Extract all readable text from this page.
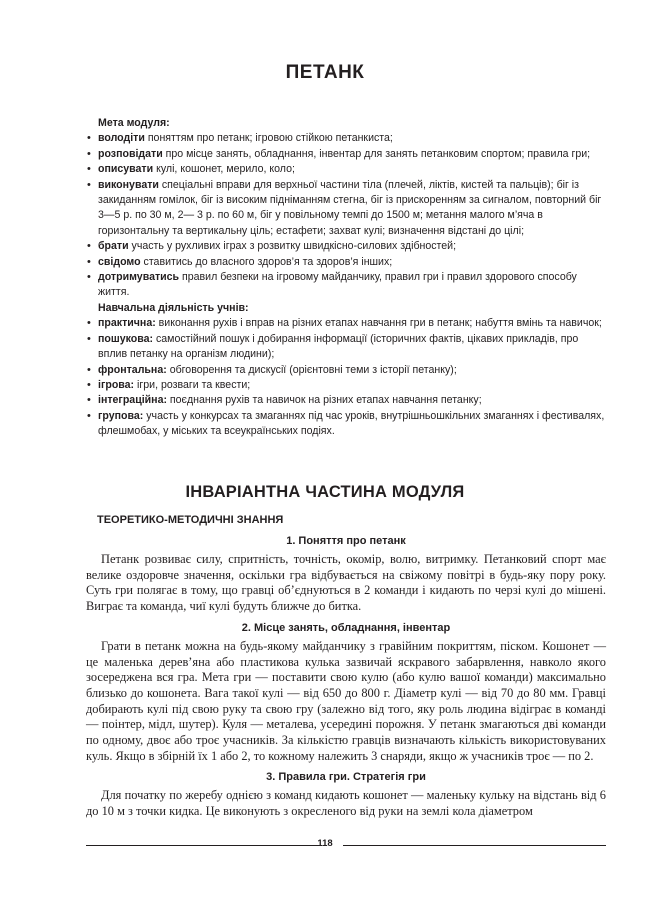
ПЕТАНК
Мета модуля:
• володіти поняттям про петанк; ігровою стійкою петанкиста;
• розповідати про місце занять, обладнання, інвентар для занять петанковим спортом; правила гри;
• описувати кулі, кошонет, мерило, коло;
• виконувати спеціальні вправи для верхньої частини тіла (плечей, ліктів, кистей та пальців); біг із закиданням гомілок, біг із високим підніманням стегна, біг із прискоренням за сигналом, повторний біг 3—5 р. по 30 м, 2— 3 р. по 60 м, біг у повільному темпі до 1500 м; метання малого м’яча в горизонтальну та вертикальну ціль; естафети; захват кулі; визначення відстані до цілі;
• брати участь у рухливих іграх з розвитку швидкісно-силових здібностей;
• свідомо ставитись до власного здоров’я та здоров’я інших;
• дотримуватись правил безпеки на ігровому майданчику, правил гри і правил здорового способу життя.
Навчальна діяльність учнів:
• практична: виконання рухів і вправ на різних етапах навчання гри в петанк; набуття вмінь та навичок;
• пошукова: самостійний пошук і добирання інформації (історичних фактів, цікавих прикладів, про вплив петанку на організм людини);
• фронтальна: обговорення та дискусії (орієнтовні теми з історії петанку);
• ігрова: ігри, розваги та квести;
• інтеграційна: поєднання рухів та навичок на різних етапах навчання петанку;
• групова: участь у конкурсах та змаганнях під час уроків, внутрішньошкільних змаганнях і фестивалях, флешмобах, у міських та всеукраїнських подіях.
ІНВАРІАНТНА ЧАСТИНА МОДУЛЯ
ТЕОРЕТИКО-МЕТОДИЧНІ ЗНАННЯ
1. Поняття про петанк

Петанк розвиває силу, спритність, точність, окомір, волю, витримку. Петанковий спорт має велике оздоровче значення, оскільки гра відбувається на свіжому повітрі в будь-яку пору року. Суть гри полягає в тому, що гравці об’єднуються в 2 команди і кидають по черзі кулі до мішені. Виграє та команда, чиї кулі будуть ближче до битка.

2. Місце занять, обладнання, інвентар

Грати в петанк можна на будь-якому майданчику з гравійним покриттям, піском. Кошонет — це маленька дерев’яна або пластикова кулька зазвичай яскравого забарвлення, навколо якого зосереджена вся гра. Мета гри — поставити свою кулю (або кулю вашої команди) максимально близько до кошонета. Вага такої кулі — від 650 до 800 г. Діаметр кулі — від 70 до 80 мм. Гравці добирають кулі під свою руку та свою гру (залежно від того, яку роль людина відіграє в команді — поінтер, мідл, шутер). Куля — металева, усередині порожня. У петанк змагаються дві команди по одному, двоє або троє учасників. За кількістю гравців визначають кількість використовуваних куль. Якщо в збірній їх 1 або 2, то кожному належить 3 снаряди, якщо ж учасників троє — по 2.

3. Правила гри. Стратегія гри

Для початку по жеребу однією з команд кидають кошонет — маленьку кульку на відстань від 6 до 10 м з точки кидка. Це виконують з окресленого від руки на землі кола діаметром

118
